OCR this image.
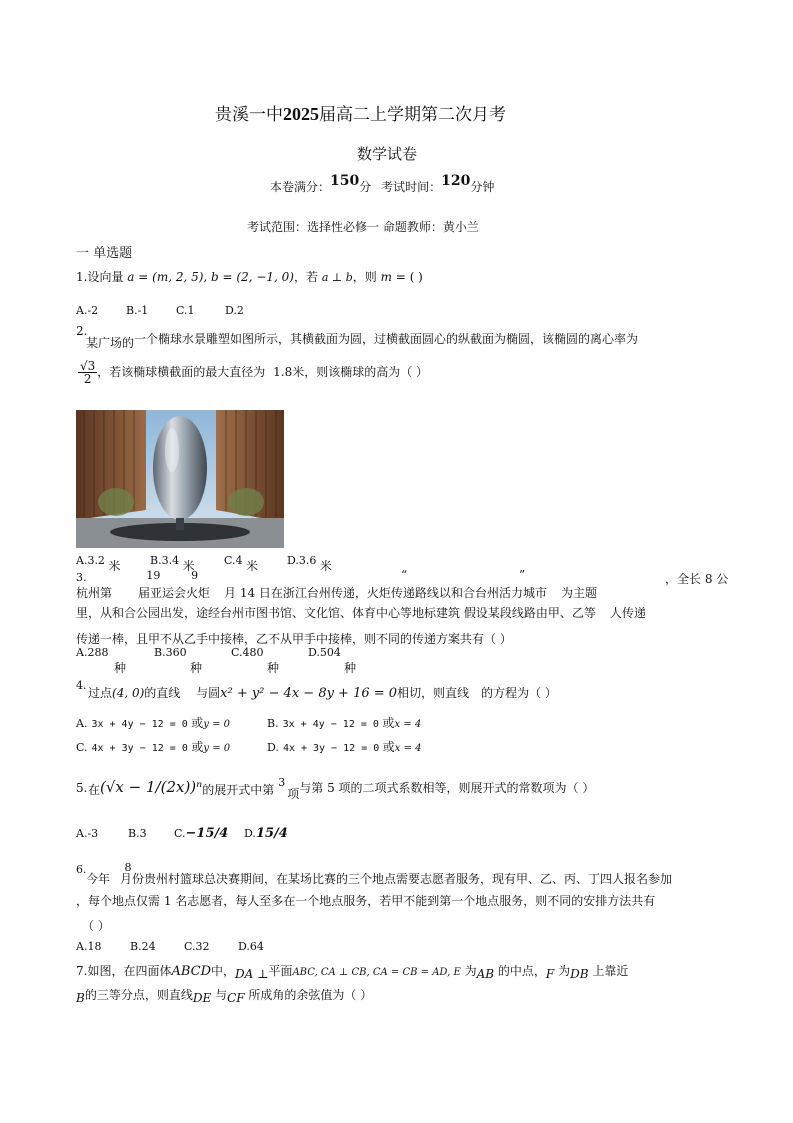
贵溪一中2025届高二上学期第二次月考
数学试卷
本卷满分：150分 考试时间：120分钟
考试范围：选择性必修一 命题教师：黄小兰
一 单选题
1.设向量 a = (m, 2, 5), b = (2, −1, 0)，若 a ⊥ b，则 m = ( )
A.-2	B.-1	C.1	D.2
2.
某广场的一个椭球水景雕塑如图所示，其横截面为圆，过横截面圆心的纵截面为椭圆，该椭圆的离心率为
$\frac{√3}{2}$ ，若该椭球横截面的最大直径为 1.8米，则该椭球的高为（ ）
A.3.2 米	B.3.4 米	C.4 米	D.3.6 米
3.	19	9	“	”
杭州第 届亚运会火炬 月 14 日在浙江台州传递，火炬传递路线以和合台州活力城市 为主题
，全长 8 公
里，从和合公园出发，途经台州市图书馆、文化馆、体育中心等地标建筑 假设某段线路由甲、乙等 人传递
传递一棒，且甲不从乙手中接棒，乙不从甲手中接棒，则不同的传递方案共有（ ）
A.288
种B.360
种C.480
种D.504
种
4.
过点(4, 0)的直线 与圆x² + y² − 4x − 8y + 16 = 0相切，则直线 的方程为（ ）
A. 3x + 4y − 12 = 0 或y = 0	B. 3x + 4y − 12 = 0 或x = 4
C. 4x + 3y − 12 = 0 或y = 0	D. 4x + 3y − 12 = 0 或x = 4
5. 在(√x − 1/(2x))ⁿ的展开式中第3项与第 5 项的二项式系数相等，则展开式的常数项为（ ）
A.-3	B.3 C.−15/4 D.15/4
6.	8
今年 月份贵州村篮球总决赛期间，在某场比赛的三个地点需要志愿者服务，现有甲、乙、丙、丁四人报名参加
，每个地点仅需 1 名志愿者，每人至多在一个地点服务，若甲不能到第一个地点服务，则不同的安排方法共有
（ ）
A.18	B.24	C.32	D.64
7.如图，在四面体ABCD中，DA ⊥平面ABC, CA ⊥ CB, CA = CB = AD, E 为AB 的中点，F 为DB 上靠近
B的三等分点，则直线DE 与CF 所成角的余弦值为（ ）
